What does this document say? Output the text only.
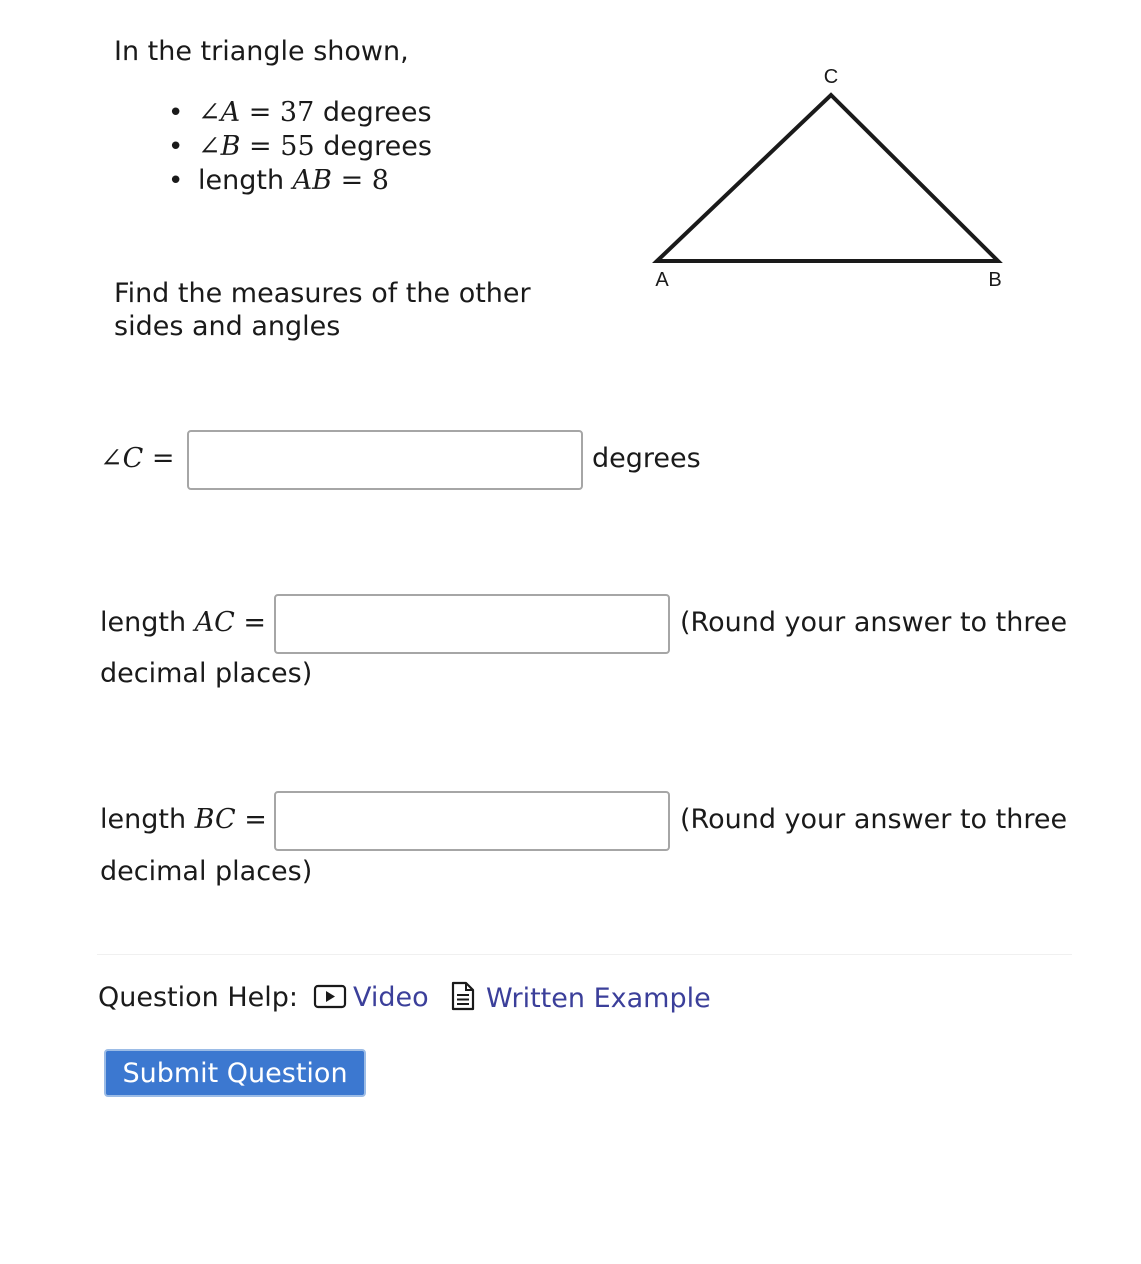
In the triangle shown,
• ∠A = 37 degrees
• ∠B = 55 degrees
• length AB = 8
Find the measures of the other
sides and angles
C
A	B
∠C =	degrees
length AC =	(Round your answer to three
decimal places)
length BC =	(Round your answer to three
decimal places)
Question Help:	Video	Written Example
Submit Question
